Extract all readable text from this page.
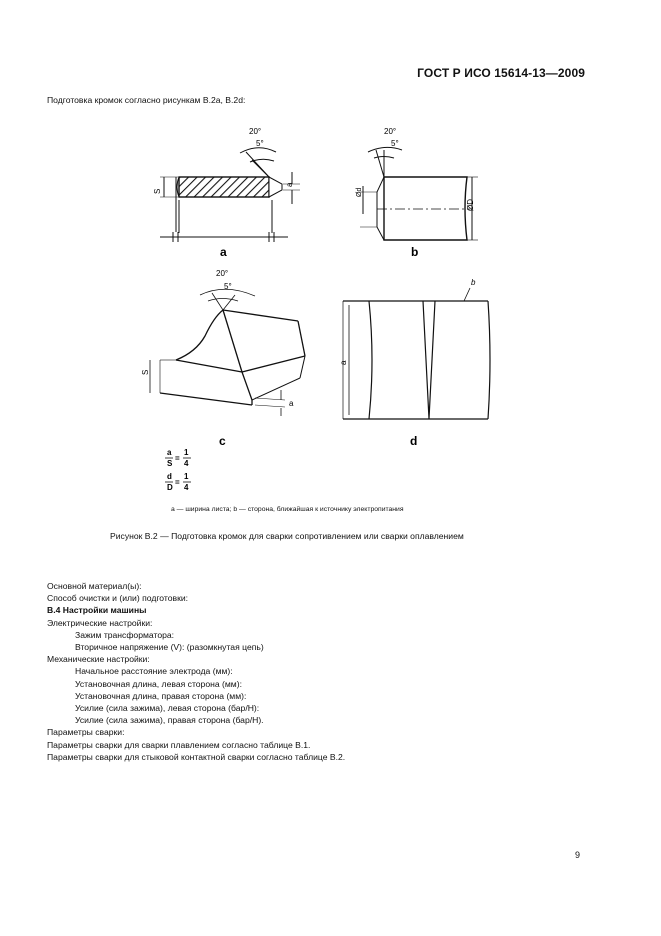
ГОСТ Р ИСО 15614-13—2009
Подготовка кромок согласно рисункам В.2а, В.2d:
20°
5°
S
a
a
20°
5°
Ød
ØD
b
20°
5°
S
a
c
a
b
d
a
S
=
1
4
d
D
=
1
4
a — ширина листа; b — сторона, ближайшая к источнику электропитания
Рисунок В.2 — Подготовка кромок для сварки сопротивлением или сварки оплавлением
Основной материал(ы):
Способ очистки и (или) подготовки:
В.4 Настройки машины
Электрические настройки:
Зажим трансформатора:
Вторичное напряжение (V): (разомкнутая цепь)
Механические настройки:
Начальное расстояние электрода (мм):
Установочная длина, левая сторона (мм):
Установочная длина, правая сторона (мм):
Усилие (сила зажима), левая сторона (бар/Н):
Усилие (сила зажима), правая сторона (бар/Н).
Параметры сварки:
Параметры сварки для сварки плавлением согласно таблице В.1.
Параметры сварки для стыковой контактной сварки согласно таблице В.2.
9
